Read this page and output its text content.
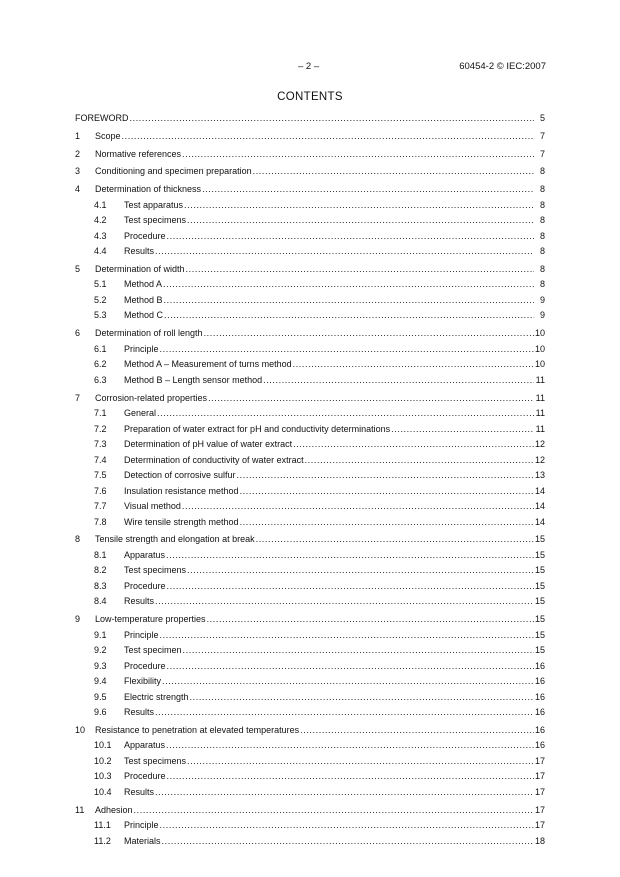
– 2 –	60454-2 © IEC:2007
CONTENTS
FOREWORD .....	5
1	Scope .....	7
2	Normative references .....	7
3	Conditioning and specimen preparation .....	8
4	Determination of thickness .....	8
4.1	Test apparatus .....	8
4.2	Test specimens .....	8
4.3	Procedure .....	8
4.4	Results .....	8
5	Determination of width .....	8
5.1	Method A .....	8
5.2	Method B .....	9
5.3	Method C .....	9
6	Determination of roll length .....	10
6.1	Principle .....	10
6.2	Method A – Measurement of turns method .....	10
6.3	Method B – Length sensor method .....	11
7	Corrosion-related properties .....	11
7.1	General .....	11
7.2	Preparation of water extract for pH and conductivity determinations .....	11
7.3	Determination of pH value of water extract .....	12
7.4	Determination of conductivity of water extract .....	12
7.5	Detection of corrosive sulfur .....	13
7.6	Insulation resistance method .....	14
7.7	Visual method .....	14
7.8	Wire tensile strength method .....	14
8	Tensile strength and elongation at break .....	15
8.1	Apparatus .....	15
8.2	Test specimens .....	15
8.3	Procedure .....	15
8.4	Results .....	15
9	Low-temperature properties .....	15
9.1	Principle .....	15
9.2	Test specimen .....	15
9.3	Procedure .....	16
9.4	Flexibility .....	16
9.5	Electric strength .....	16
9.6	Results .....	16
10	Resistance to penetration at elevated temperatures .....	16
10.1	Apparatus .....	16
10.2	Test specimens .....	17
10.3	Procedure .....	17
10.4	Results .....	17
11	Adhesion .....	17
11.1	Principle .....	17
11.2	Materials .....	18
